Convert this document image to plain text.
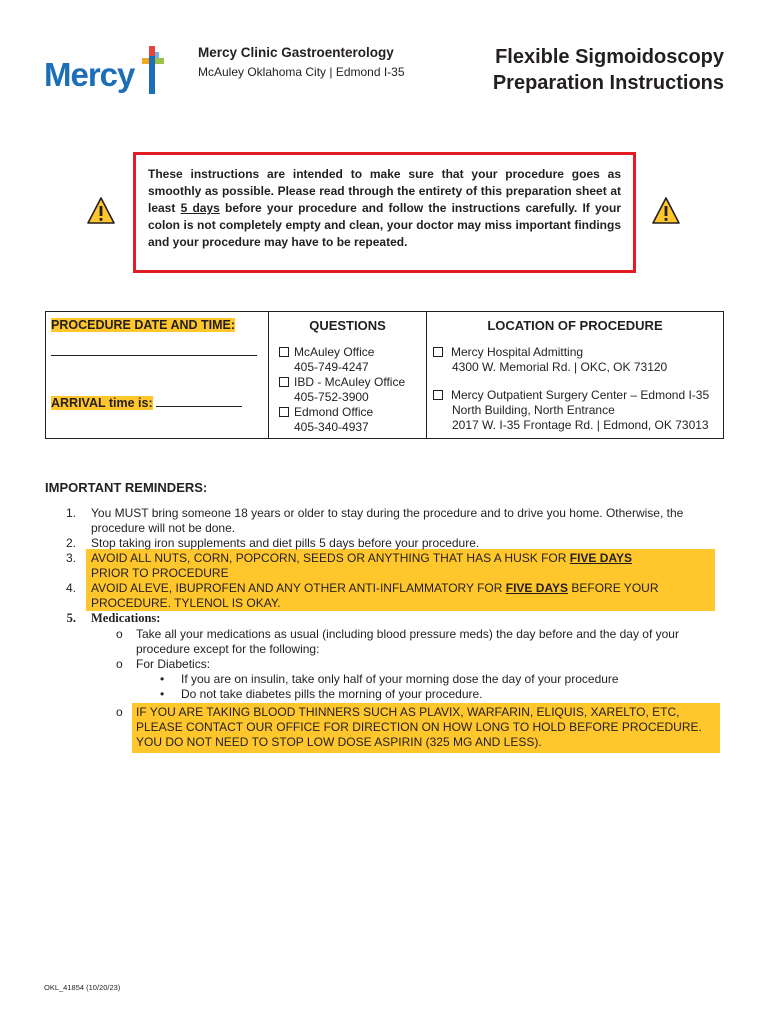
Mercy
Mercy Clinic Gastroenterology
McAuley Oklahoma City | Edmond I-35
Flexible Sigmoidoscopy
Preparation Instructions
These instructions are intended to make sure that your procedure goes as smoothly as possible. Please read through the entirety of this preparation sheet at least 5 days before your procedure and follow the instructions carefully. If your colon is not completely empty and clean, your doctor may miss important findings and your procedure may have to be repeated.
PROCEDURE DATE AND TIME:
ARRIVAL time is:
QUESTIONS
McAuley Office
405-749-4247
IBD - McAuley Office
405-752-3900
Edmond Office
405-340-4937
LOCATION OF PROCEDURE
Mercy Hospital Admitting
4300 W. Memorial Rd. | OKC, OK 73120
Mercy Outpatient Surgery Center – Edmond I-35
North Building, North Entrance
2017 W. I-35 Frontage Rd. | Edmond, OK 73013
IMPORTANT REMINDERS:
1. You MUST bring someone 18 years or older to stay during the procedure and to drive you home. Otherwise, the
procedure will not be done.
2. Stop taking iron supplements and diet pills 5 days before your procedure.
3. AVOID ALL NUTS, CORN, POPCORN, SEEDS OR ANYTHING THAT HAS A HUSK FOR FIVE DAYS
PRIOR TO PROCEDURE
4. AVOID ALEVE, IBUPROFEN AND ANY OTHER ANTI-INFLAMMATORY FOR FIVE DAYS BEFORE YOUR
PROCEDURE. TYLENOL IS OKAY.
5. Medications:
o Take all your medications as usual (including blood pressure meds) the day before and the day of your
procedure except for the following:
o For Diabetics:
• If you are on insulin, take only half of your morning dose the day of your procedure
• Do not take diabetes pills the morning of your procedure.
o IF YOU ARE TAKING BLOOD THINNERS SUCH AS PLAVIX, WARFARIN, ELIQUIS, XARELTO, ETC,
PLEASE CONTACT OUR OFFICE FOR DIRECTION ON HOW LONG TO HOLD BEFORE PROCEDURE.
YOU DO NOT NEED TO STOP LOW DOSE ASPIRIN (325 MG AND LESS).
OKL_41854 (10/20/23)
